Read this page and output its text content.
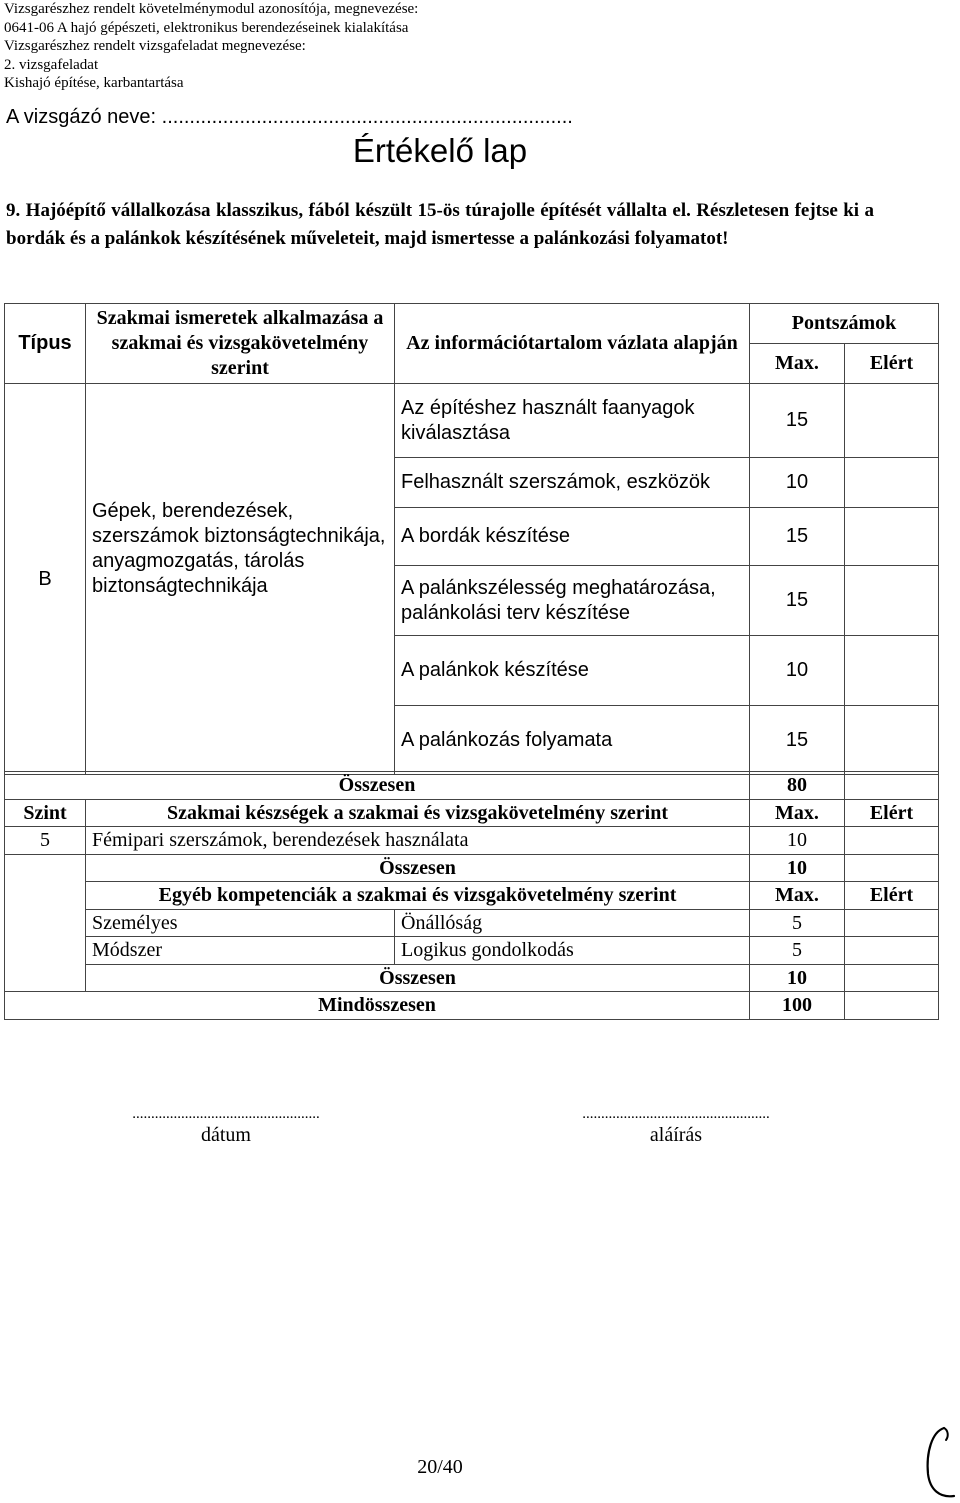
Vizsgarészhez rendelt követelménymodul azonosítója, megnevezése:
0641-06 A hajó gépészeti, elektronikus berendezéseinek kialakítása
Vizsgarészhez rendelt vizsgafeladat megnevezése:
2. vizsgafeladat
Kishajó építése, karbantartása
A vizsgázó neve: ..........................................................................
Értékelő lap
9. Hajóépítő vállalkozása klasszikus, fából készült 15-ös túrajolle építését vállalta el. Részletesen fejtse ki a bordák és a palánkok készítésének műveleteit, majd ismertesse a palánkozási folyamatot!
Típus	Szakmai ismeretek alkalmazása a szakmai és vizsgakövetelmény szerint	Az információtartalom vázlata alapján	Pontszámok	
			Max.	Elért
B	Gépek, berendezések, szerszámok biztonságtechnikája, anyagmozgatás, tárolás biztonságtechnikája	Az építéshez használt faanyagok kiválasztása	15	
		Felhasznált szerszámok, eszközök	10	
		A bordák készítése	15	
		A palánkszélesség meghatározása, palánkolási terv készítése	15	
		A palánkok készítése	10	
		A palánkozás folyamata	15	
Összesen			80	
Szint	Szakmai készségek a szakmai és vizsgakövetelmény szerint		Max.	Elért
5	Fémipari szerszámok, berendezések használata		10	
	Összesen		10	
	Egyéb kompetenciák a szakmai és vizsgakövetelmény szerint		Max.	Elért
	Személyes	Önállóság	5	
	Módszer	Logikus gondolkodás	5	
	Összesen		10	
Mindösszesen			100	
..................................................
dátum
..................................................
aláírás
20/40
